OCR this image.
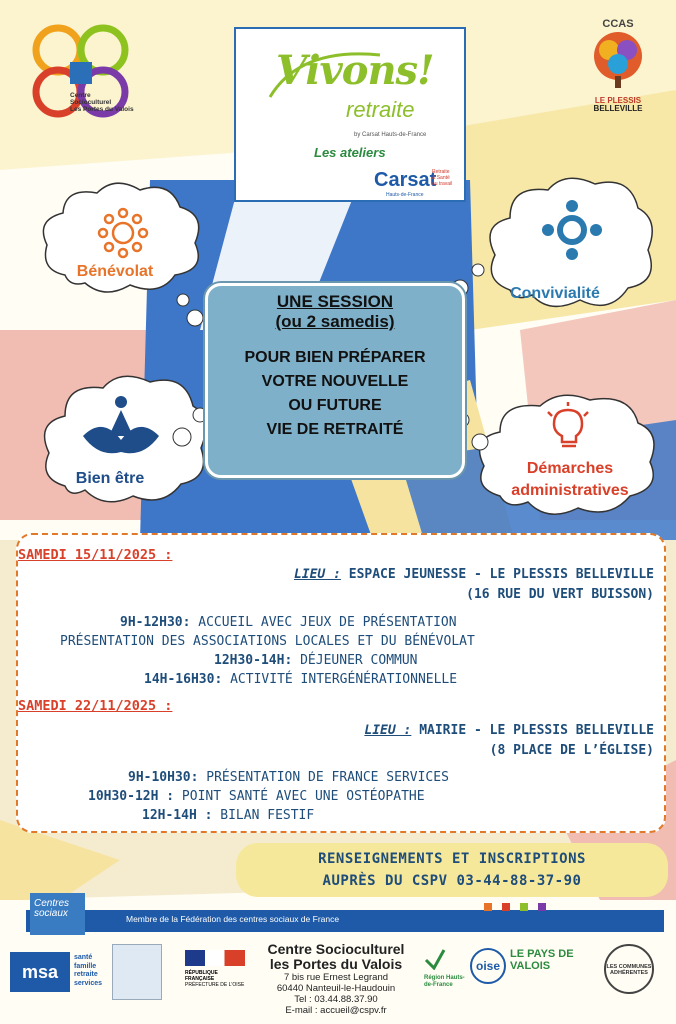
Centre
Socioculturel
Les Portes du Valois
Vivons!
retraite
by Carsat Hauts-de-France
Les ateliers
Carsat
Retraite
& Santé
au travail
Hauts-de-France
CCAS
LE PLESSIS
BELLEVILLE
Bénévolat
Convivialité
Bien être
Démarches
administratives
UNE SESSION
(ou 2 samedis)
POUR BIEN PRÉPARER
VOTRE NOUVELLE
OU FUTURE
VIE DE RETRAITÉ
SAMEDI 15/11/2025 :
LIEU : ESPACE JEUNESSE - LE PLESSIS BELLEVILLE
(16 RUE DU VERT BUISSON)
9H-12H30: ACCUEIL AVEC JEUX DE PRÉSENTATION
PRÉSENTATION DES ASSOCIATIONS LOCALES ET DU BÉNÉVOLAT
12H30-14H: DÉJEUNER COMMUN
14H-16H30: ACTIVITÉ INTERGÉNÉRATIONNELLE
SAMEDI 22/11/2025 :
LIEU : MAIRIE - LE PLESSIS BELLEVILLE
(8 PLACE DE L’ÉGLISE)
9H-10H30: PRÉSENTATION DE FRANCE SERVICES
10H30-12H : POINT SANTÉ AVEC UNE OSTÉOPATHE
12H-14H : BILAN FESTIF
RENSEIGNEMENTS ET INSCRIPTIONS
AUPRÈS DU CSPV 03-44-88-37-90
Membre de la Fédération des centres sociaux de France
Centres sociaux
msa
santé
famille
retraite
services
RÉPUBLIQUE FRANÇAISE
PRÉFECTURE DE L'OISE
Centre Socioculturel
les Portes du Valois
7 bis rue Ernest Legrand
60440 Nanteuil-le-Haudouin
Tel : 03.44.88.37.90
E-mail : accueil@cspv.fr
Région Hauts-de-France
oise
LE PAYS DE VALOIS	LES COMMUNES ADHÉRENTES
